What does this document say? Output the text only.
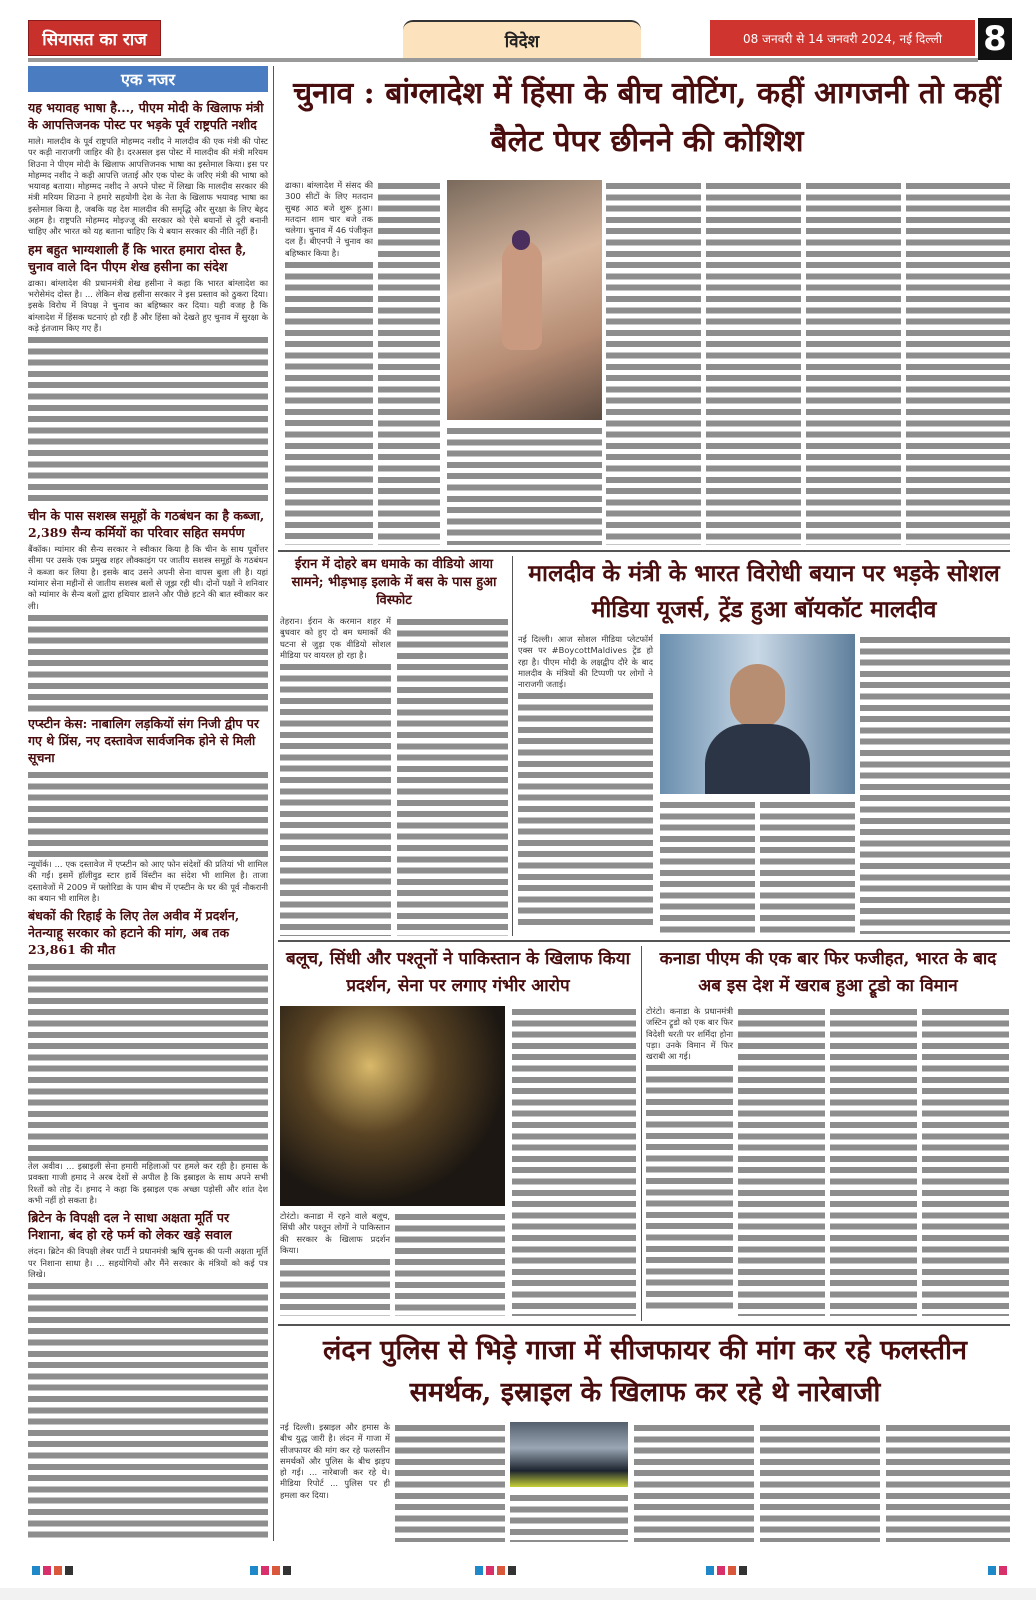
सियासत का राज	विदेश	08 जनवरी से 14 जनवरी 2024, नई दिल्ली	8
एक नजर
यह भयावह भाषा है..., पीएम मोदी के खिलाफ मंत्री के आपत्तिजनक पोस्ट पर भड़के पूर्व राष्ट्रपति नशीद

माले। मालदीव के पूर्व राष्ट्रपति मोहम्मद नशीद ने मालदीव की एक मंत्री की पोस्ट पर कड़ी नाराजगी जाहिर की है। दरअसल इस पोस्ट में मालदीव की मंत्री मरियम शिउना ने पीएम मोदी के खिलाफ आपत्तिजनक भाषा का इस्तेमाल किया। इस पर मोहम्मद नशीद ने कड़ी आपत्ति जताई और एक पोस्ट के जरिए मंत्री की भाषा को भयावह बताया। मोहम्मद नशीद ने अपने पोस्ट में लिखा कि मालदीव सरकार की मंत्री मरियम शिउना ने हमारे सहयोगी देश के नेता के खिलाफ भयावह भाषा का इस्तेमाल किया है, जबकि यह देश मालदीव की समृद्धि और सुरक्षा के लिए बेहद अहम है। राष्ट्रपति मोहम्मद मोइज्जू की सरकार को ऐसे बयानों से दूरी बनानी चाहिए और भारत को यह बताना चाहिए कि ये बयान सरकार की नीति नहीं हैं।

हम बहुत भाग्यशाली हैं कि भारत हमारा दोस्त है, चुनाव वाले दिन पीएम शेख हसीना का संदेश

ढाका। बांग्लादेश की प्रधानमंत्री शेख हसीना ने कहा कि भारत बांग्लादेश का भरोसेमंद दोस्त है। ... लेकिन शेख हसीना सरकार ने इस प्रस्ताव को ठुकरा दिया। इसके विरोध में विपक्ष ने चुनाव का बहिष्कार कर दिया। यही वजह है कि बांग्लादेश में हिंसक घटनाएं हो रही हैं और हिंसा को देखते हुए चुनाव में सुरक्षा के कड़े इंतजाम किए गए हैं।

चीन के पास सशस्त्र समूहों के गठबंधन का है कब्जा, 2,389 सैन्य कर्मियों का परिवार सहित समर्पण

बैंकॉक। म्यांमार की सैन्य सरकार ने स्वीकार किया है कि चीन के साथ पूर्वोत्तर सीमा पर उसके एक प्रमुख शहर लौक्काइंग पर जातीय सशस्त्र समूहों के गठबंधन ने कब्जा कर लिया है। इसके बाद उसने अपनी सेना वापस बुला ली है। यहां म्यांमार सेना महीनों से जातीय सशस्त्र बलों से जूझ रही थी। दोनों पक्षों ने शनिवार को म्यांमार के सैन्य बलों द्वारा हथियार डालने और पीछे हटने की बात स्वीकार कर ली।

एप्स्टीन केस: नाबालिग लड़कियों संग निजी द्वीप पर गए थे प्रिंस, नए दस्तावेज सार्वजनिक होने से मिली सूचना

न्यूयॉर्क। ... एक दस्तावेज में एप्स्टीन को आए फोन संदेशों की प्रतियां भी शामिल की गईं। इसमें हॉलीवुड स्टार हार्वे विंस्टीन का संदेश भी शामिल है। ताजा दस्तावेजों में 2009 में फ्लोरिडा के पाम बीच में एप्स्टीन के घर की पूर्व नौकरानी का बयान भी शामिल है।

बंधकों की रिहाई के लिए तेल अवीव में प्रदर्शन, नेतन्याहू सरकार को हटाने की मांग, अब तक 23,861 की मौत

तेल अवीव। ... इस्राइली सेना हमारी महिलाओं पर हमले कर रही है। हमास के प्रवक्ता गाजी हमाद ने अरब देशों से अपील है कि इस्राइल के साथ अपने सभी रिश्तों को तोड़ दें। हमाद ने कहा कि इस्राइल एक अच्छा पड़ोसी और शांत देश कभी नहीं हो सकता है।

ब्रिटेन के विपक्षी दल ने साधा अक्षता मूर्ति पर निशाना, बंद हो रहे फर्म को लेकर खड़े सवाल

लंदन। ब्रिटेन की विपक्षी लेबर पार्टी ने प्रधानमंत्री ऋषि सुनक की पत्नी अक्षता मूर्ति पर निशाना साधा है। ... सहयोगियों और मैंने सरकार के मंत्रियों को कई पत्र लिखे।

चुनाव : बांग्लादेश में हिंसा के बीच वोटिंग, कहीं आगजनी तो कहीं बैलेट पेपर छीनने की कोशिश

ढाका। बांग्लादेश में संसद की 300 सीटों के लिए मतदान सुबह आठ बजे शुरू हुआ। मतदान शाम चार बजे तक चलेगा। चुनाव में 46 पंजीकृत दल हैं। बीएनपी ने चुनाव का बहिष्कार किया है।

ईरान में दोहरे बम धमाके का वीडियो आया सामने; भीड़भाड़ इलाके में बस के पास हुआ विस्फोट

तेहरान। ईरान के करमान शहर में बुधवार को हुए दो बम धमाकों की घटना से जुड़ा एक वीडियो सोशल मीडिया पर वायरल हो रहा है।

मालदीव के मंत्री के भारत विरोधी बयान पर भड़के सोशल मीडिया यूजर्स, ट्रेंड हुआ बॉयकॉट मालदीव

नई दिल्ली। आज सोशल मीडिया प्लेटफॉर्म एक्स पर #BoycottMaldives ट्रेंड हो रहा है। पीएम मोदी के लक्षद्वीप दौरे के बाद मालदीव के मंत्रियों की टिप्पणी पर लोगों ने नाराजगी जताई।

बलूच, सिंधी और पश्तूनों ने पाकिस्तान के खिलाफ किया प्रदर्शन, सेना पर लगाए गंभीर आरोप

टोरंटो। कनाडा में रहने वाले बलूच, सिंधी और पश्तून लोगों ने पाकिस्तान की सरकार के खिलाफ प्रदर्शन किया।

कनाडा पीएम की एक बार फिर फजीहत, भारत के बाद अब इस देश में खराब हुआ ट्रूडो का विमान

टोरंटो। कनाडा के प्रधानमंत्री जस्टिन ट्रूडो को एक बार फिर विदेशी धरती पर शर्मिंदा होना पड़ा। उनके विमान में फिर खराबी आ गई।

लंदन पुलिस से भिड़े गाजा में सीजफायर की मांग कर रहे फलस्तीन समर्थक, इस्राइल के खिलाफ कर रहे थे नारेबाजी

नई दिल्ली। इस्राइल और हमास के बीच युद्ध जारी है। लंदन में गाजा में सीजफायर की मांग कर रहे फलस्तीन समर्थकों और पुलिस के बीच झड़प हो गई। ... नारेबाजी कर रहे थे। मीडिया रिपोर्ट ... पुलिस पर ही हमला कर दिया।
